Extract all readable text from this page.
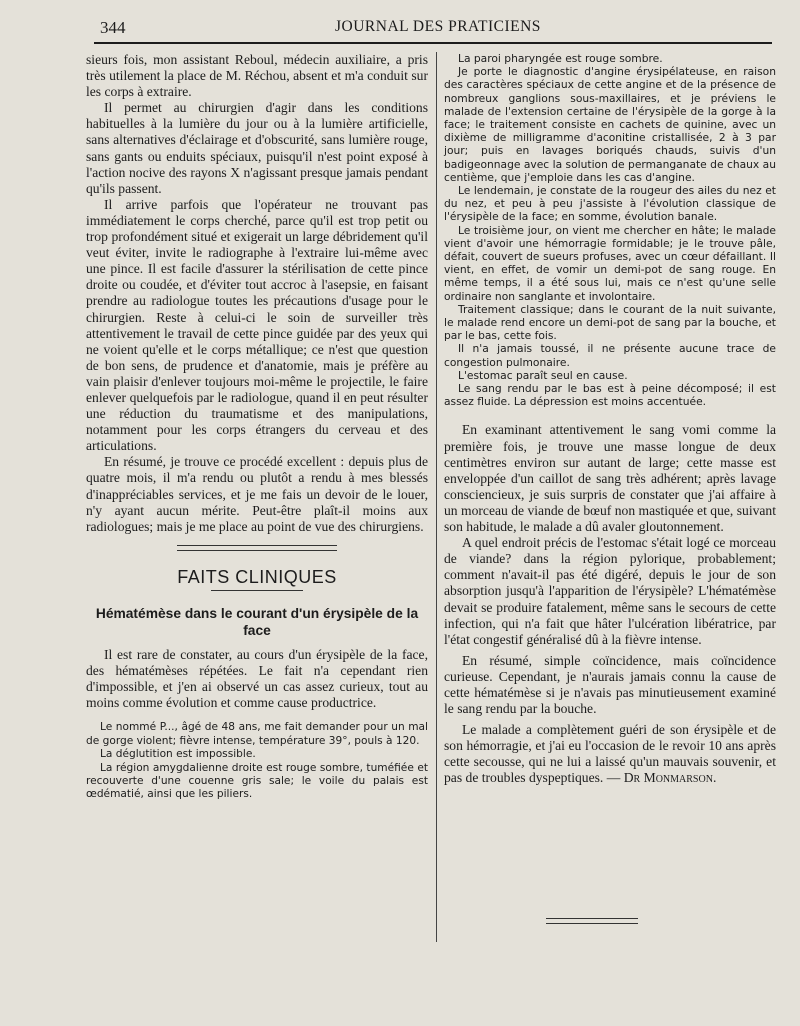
344	JOURNAL DES PRATICIENS

sieurs fois, mon assistant Reboul, médecin auxiliaire, a pris très utilement la place de M. Réchou, absent et m'a conduit sur les corps à extraire.

Il permet au chirurgien d'agir dans les conditions habituelles à la lumière du jour ou à la lumière artificielle, sans alternatives d'éclairage et d'obscurité, sans lumière rouge, sans gants ou enduits spéciaux, puisqu'il n'est point exposé à l'action nocive des rayons X n'agissant presque jamais pendant qu'ils passent.

Il arrive parfois que l'opérateur ne trouvant pas immédiatement le corps cherché, parce qu'il est trop petit ou trop profondément situé et exigerait un large débridement qu'il veut éviter, invite le radiographe à l'extraire lui-même avec une pince. Il est facile d'assurer la stérilisation de cette pince droite ou coudée, et d'éviter tout accroc à l'asepsie, en faisant prendre au radiologue toutes les précautions d'usage pour le chirurgien. Reste à celui-ci le soin de surveiller très attentivement le travail de cette pince guidée par des yeux qui ne voient qu'elle et le corps métallique; ce n'est que question de bon sens, de prudence et d'anatomie, mais je préfère au vain plaisir d'enlever toujours moi-même le projectile, le faire enlever quelquefois par le radiologue, quand il en peut résulter une réduction du traumatisme et des manipulations, notamment pour les corps étrangers du cerveau et des articulations.

En résumé, je trouve ce procédé excellent : depuis plus de quatre mois, il m'a rendu ou plutôt a rendu à mes blessés d'inappréciables services, et je me fais un devoir de le louer, n'y ayant aucun mérite. Peut-être plaît-il moins aux radiologues; mais je me place au point de vue des chirurgiens.

FAITS CLINIQUES
Hématémèse dans le courant d'un érysipèle de la face

Il est rare de constater, au cours d'un érysipèle de la face, des hématémèses répétées. Le fait n'a cependant rien d'impossible, et j'en ai observé un cas assez curieux, tout au moins comme évolution et comme cause productrice.

Le nommé P..., âgé de 48 ans, me fait demander pour un mal de gorge violent; fièvre intense, température 39°, pouls à 120.

La déglutition est impossible.

La région amygdalienne droite est rouge sombre, tuméfiée et recouverte d'une couenne gris sale; le voile du palais est œdématié, ainsi que les piliers.

La paroi pharyngée est rouge sombre.

Je porte le diagnostic d'angine érysipélateuse, en raison des caractères spéciaux de cette angine et de la présence de nombreux ganglions sous-maxillaires, et je préviens le malade de l'extension certaine de l'érysipèle de la gorge à la face; le traitement consiste en cachets de quinine, avec un dixième de milligramme d'aconitine cristallisée, 2 à 3 par jour; puis en lavages boriqués chauds, suivis d'un badigeonnage avec la solution de permanganate de chaux au centième, que j'emploie dans les cas d'angine.

Le lendemain, je constate de la rougeur des ailes du nez et du nez, et peu à peu j'assiste à l'évolution classique de l'érysipèle de la face; en somme, évolution banale.

Le troisième jour, on vient me chercher en hâte; le malade vient d'avoir une hémorragie formidable; je le trouve pâle, défait, couvert de sueurs profuses, avec un cœur défaillant. Il vient, en effet, de vomir un demi-pot de sang rouge. En même temps, il a été sous lui, mais ce n'est qu'une selle ordinaire non sanglante et involontaire.

Traitement classique; dans le courant de la nuit suivante, le malade rend encore un demi-pot de sang par la bouche, et par le bas, cette fois.

Il n'a jamais toussé, il ne présente aucune trace de congestion pulmonaire.

L'estomac paraît seul en cause.

Le sang rendu par le bas est à peine décomposé; il est assez fluide. La dépression est moins accentuée.

En examinant attentivement le sang vomi comme la première fois, je trouve une masse longue de deux centimètres environ sur autant de large; cette masse est enveloppée d'un caillot de sang très adhérent; après lavage consciencieux, je suis surpris de constater que j'ai affaire à un morceau de viande de bœuf non mastiquée et que, suivant son habitude, le malade a dû avaler gloutonnement.

A quel endroit précis de l'estomac s'était logé ce morceau de viande? dans la région pylorique, probablement; comment n'avait-il pas été digéré, depuis le jour de son absorption jusqu'à l'apparition de l'érysipèle? L'hématémèse devait se produire fatalement, même sans le secours de cette infection, qui n'a fait que hâter l'ulcération libératrice, par l'état congestif généralisé dû à la fièvre intense.

En résumé, simple coïncidence, mais coïncidence curieuse. Cependant, je n'aurais jamais connu la cause de cette hématémèse si je n'avais pas minutieusement examiné le sang rendu par la bouche.

Le malade a complètement guéri de son érysipèle et de son hémorragie, et j'ai eu l'occasion de le revoir 10 ans après cette secousse, qui ne lui a laissé qu'un mauvais souvenir, et pas de troubles dyspeptiques. — Dr Monmarson.
